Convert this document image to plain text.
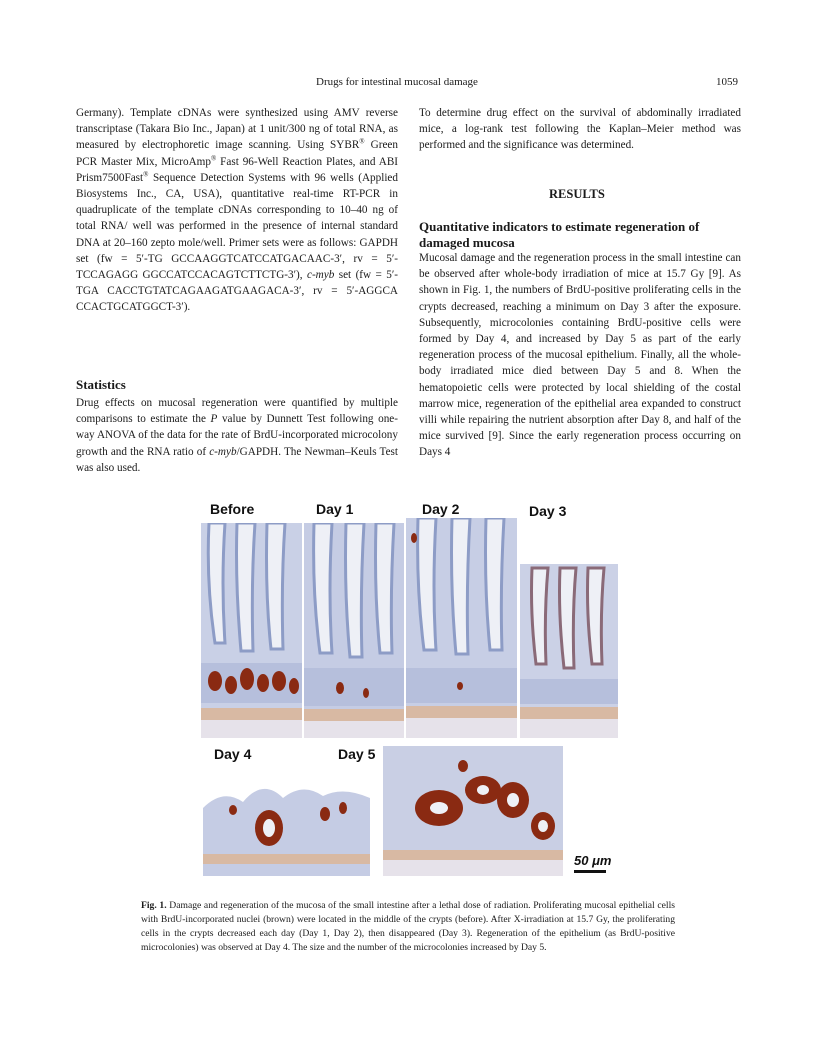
Drugs for intestinal mucosal damage	1059

Germany). Template cDNAs were synthesized using AMV reverse transcriptase (Takara Bio Inc., Japan) at 1 unit/300 ng of total RNA, as measured by electrophoretic image scanning. Using SYBR® Green PCR Master Mix, MicroAmp® Fast 96-Well Reaction Plates, and ABI Prism7500Fast® Sequence Detection Systems with 96 wells (Applied Biosystems Inc., CA, USA), quantitative real-time RT-PCR in quadruplicate of the template cDNAs corresponding to 10–40 ng of total RNA/ well was performed in the presence of internal standard DNA at 20–160 zepto mole/well. Primer sets were as follows: GAPDH set (fw = 5′-TG GCCAAGGTCATCCATGACAAC-3′, rv = 5′-TCCAGAGG GGCCATCCACAGTCTTCTG-3′), c-myb set (fw = 5′-TGA CACCTGTATCAGAAGATGAAGACA-3′, rv = 5′-AGGCA CCACTGCATGGCT-3′).

Statistics

Drug effects on mucosal regeneration were quantified by multiple comparisons to estimate the P value by Dunnett Test following one-way ANOVA of the data for the rate of BrdU-incorporated microcolony growth and the RNA ratio of c-myb/GAPDH. The Newman–Keuls Test was also used.

To determine drug effect on the survival of abdominally irradiated mice, a log-rank test following the Kaplan–Meier method was performed and the significance was determined.

RESULTS
Quantitative indicators to estimate regeneration of damaged mucosa

Mucosal damage and the regeneration process in the small intestine can be observed after whole-body irradiation of mice at 15.7 Gy [9]. As shown in Fig. 1, the numbers of BrdU-positive proliferating cells in the crypts decreased, reaching a minimum on Day 3 after the exposure. Subsequently, microcolonies containing BrdU-positive cells were formed by Day 4, and increased by Day 5 as part of the early regeneration process of the mucosal epithelium. Finally, all the whole-body irradiated mice died between Day 5 and 8. When the hematopoietic cells were protected by local shielding of the costal marrow mice, regeneration of the epithelial area expanded to construct villi while repairing the nutrient absorption after Day 8, and half of the mice survived [9]. Since the early regeneration process occurring on Days 4

Before	Day 1	Day 2	Day 3
Day 4	Day 5
50 μm
Fig. 1. Damage and regeneration of the mucosa of the small intestine after a lethal dose of radiation. Proliferating mucosal epithelial cells with BrdU-incorporated nuclei (brown) were located in the middle of the crypts (before). After X-irradiation at 15.7 Gy, the proliferating cells in the crypts decreased each day (Day 1, Day 2), then disappeared (Day 3). Regeneration of the epithelium (as BrdU-positive microcolonies) was observed at Day 4. The size and the number of the microcolonies increased by Day 5.
